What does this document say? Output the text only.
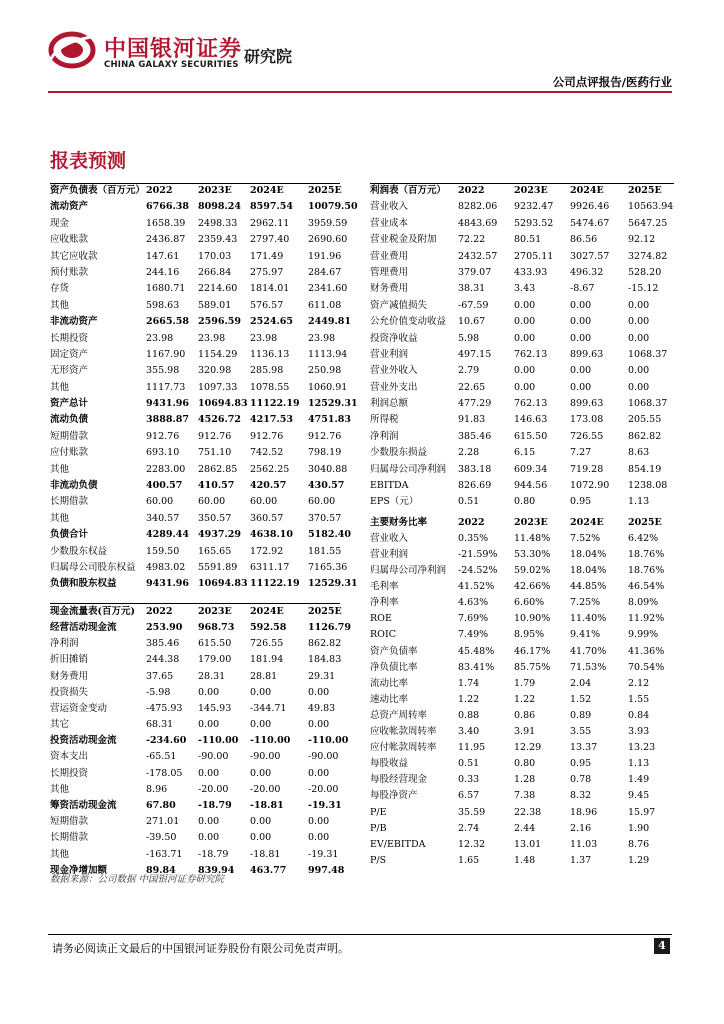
中国银河证券
CHINA GALAXY SECURITIES 研究院
公司点评报告/医药行业
报表预测
资产负债表（百万元） 2022	2023E 2024E	2025E
流动资产	6766.38 8098.24 8597.54 10079.50
现金	1658.39 2498.33 2962.11 3959.59
应收账款	2436.87 2359.43 2797.40 2690.60
其它应收款	147.61 170.03 171.49	191.96
预付账款	244.16 266.84 275.97	284.67
存货	1680.71 2214.60 1814.01 2341.60
其他	598.63 589.01 576.57	611.08
非流动资产	2665.58 2596.59 2524.65 2449.81
长期投资	23.98	23.98	23.98	23.98
固定资产	1167.90 1154.29 1136.13 1113.94
无形资产	355.98 320.98 285.98	250.98
其他	1117.73 1097.33 1078.55 1060.91
资产总计	9431.96 10694.83 11122.19 12529.31
流动负债	3888.87 4526.72 4217.53 4751.83
短期借款	912.76 912.76 912.76	912.76
应付账款	693.10 751.10 742.52	798.19
其他	2283.00 2862.85 2562.25 3040.88
非流动负债	400.57 410.57 420.57 430.57
长期借款	60.00	60.00	60.00	60.00
其他	340.57 350.57 360.57	370.57
负债合计	4289.44 4937.29 4638.10 5182.40
少数股东权益	159.50 165.65 172.92	181.55
归属母公司股东权益 4983.02 5591.89 6311.17 7165.36
负债和股东权益	9431.96 10694.83 11122.19 12529.31
现金流量表(百万元) 2022	2023E 2024E	2025E
经营活动现金流	253.90 968.73 592.58 1126.79
净利润	385.46 615.50 726.55	862.82
折旧摊销	244.38 179.00 181.94	184.83
财务费用	37.65	28.31	28.81	29.31
投资损失	-5.98	0.00	0.00	0.00
营运资金变动	-475.93 145.93 -344.71 49.83
其它	68.31	0.00	0.00	0.00
投资活动现金流	-234.60 -110.00 -110.00 -110.00
资本支出	-65.51 -90.00 -90.00	-90.00
长期投资	-178.05 0.00	0.00	0.00
其他	8.96	-20.00 -20.00	-20.00
筹资活动现金流	67.80 -18.79 -18.81	-19.31
短期借款	271.01 0.00	0.00	0.00
长期借款	-39.50 0.00	0.00	0.00
其他	-163.71 -18.79 -18.81	-19.31
现金净增加额	89.84 839.94 463.77 997.48
利润表（百万元） 2022	2023E 2024E	2025E
营业收入	8282.06 9232.47 9926.46 10563.94
营业成本	4843.69 5293.52 5474.67 5647.25
营业税金及附加 72.22	80.51	86.56	92.12
营业费用	2432.57 2705.11 3027.57 3274.82
管理费用	379.07 433.93 496.32	528.20
财务费用	38.31	3.43	-8.67	-15.12
资产减值损失	-67.59	0.00	0.00	0.00
公允价值变动收益 10.67	0.00	0.00	0.00
投资净收益	5.98	0.00	0.00	0.00
营业利润	497.15 762.13 899.63	1068.37
营业外收入	2.79	0.00	0.00	0.00
营业外支出	22.65	0.00	0.00	0.00
利润总额	477.29 762.13 899.63	1068.37
所得税	91.83	146.63 173.08	205.55
净利润	385.46 615.50 726.55	862.82
少数股东损益	2.28	6.15	7.27	8.63
归属母公司净利润 383.18 609.34 719.28	854.19
EBITDA	826.69 944.56 1072.90 1238.08
EPS（元）	0.51	0.80	0.95	1.13
主要财务比率	2022	2023E 2024E	2025E
营业收入	0.35%	11.48% 7.52%	6.42%
营业利润	-21.59% 53.30% 18.04% 18.76%
归属母公司净利润 -24.52% 59.02% 18.04% 18.76%
毛利率	41.52% 42.66% 44.85% 46.54%
净利率	4.63%	6.60%	7.25%	8.09%
ROE	7.69%	10.90% 11.40% 11.92%
ROIC	7.49%	8.95%	9.41%	9.99%
资产负债率	45.48% 46.17% 41.70% 41.36%
净负债比率	83.41% 85.75% 71.53% 70.54%
流动比率	1.74	1.79	2.04	2.12
速动比率	1.22	1.22	1.52	1.55
总资产周转率	0.88	0.86	0.89	0.84
应收帐款周转率 3.40	3.91	3.55	3.93
应付帐款周转率 11.95	12.29	13.37	13.23
每股收益	0.51	0.80	0.95	1.13
每股经营现金	0.33	1.28	0.78	1.49
每股净资产	6.57	7.38	8.32	9.45
P/E	35.59	22.38	18.96	15.97
P/B	2.74	2.44	2.16	1.90
EV/EBITDA	12.32	13.01	11.03	8.76
P/S	1.65	1.48	1.37	1.29
数据来源：公司数据 中国银河证券研究院
请务必阅读正文最后的中国银河证券股份有限公司免责声明。	4
